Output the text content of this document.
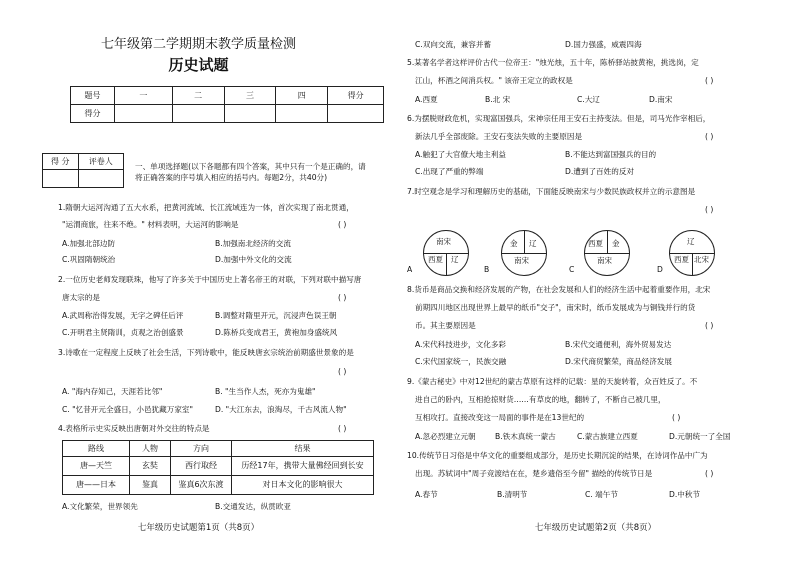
七年级第二学期期末教学质量检测
历史试题
题号	一	二	三	四	得分
得分					
得 分	评卷人

一、单项选择题(以下各题都有四个答案，其中只有一个是正确的，请
将正确答案的序号填入相应的括号内。每题2分，共40分)
1.隋朝大运河沟通了五大水系，把黄河流域、长江流域连为一体，首次实现了南北贯通，
"运渭商旅，往来不绝。" 材料表明，大运河的影响是	( )
A.加强北部边防	B.加强南北经济的交流
C.巩固隋朝统治	D.加强中外文化的交流
2.一位历史老师发现联珠，他写了许多关于中国历史上著名帝王的对联，下列对联中描写唐
唐太宗的是	( )
A.武周称治得发展，无字之碑任后评	B.调整对隋里开元，沉浸声色误王朝
C.开明君主贤隋训，贞观之治创盛景	D.陈桥兵变成君王，黄袍加身盛统风
3.诗歌在一定程度上反映了社会生活，下列诗歌中，能反映唐玄宗统治前期盛世景象的是
( )
A. "海内存知己，天涯若比邻"	B. "生当作人杰，死亦为鬼雄"
C. "忆昔开元全盛日，小邑犹藏万家室"	D. "大江东去，浪淘尽，千古风流人物"
4.表格所示史实反映出唐朝对外交往的特点是	( )
路线	人物	方向	结果
唐—天竺	玄奘	西行取经	历经17年，携带大量佛经回到长安
唐——日本	鉴真	鉴真6次东渡	对日本文化的影响很大
A.文化繁荣，世界领先	B.交通发达，纵贯欧亚
七年级历史试题第1页（共8页）
C.双向交流，兼容并蓄	D.国力强盛，威震四海
5.某著名学者这样评价古代一位帝王："烛光烛，五十年，陈桥驿站披黄袍，挑选岗，定
江山，杯酒之间消兵权。" 该帝王定立的政权是	( )
A.西夏	B.北 宋	C.大辽	D.南宋
6.为摆脱财政危机，实现富国强兵，宋神宗任用王安石主持变法。但是，司马光作宰相后，
新法几乎全部废除。王安石变法失败的主要原因是	( )
A.触犯了大官僚大地主利益	B.不能达到富国强兵的目的
C.出现了严重的弊端	D.遭到了百姓的反对
7.时空观念是学习和理解历史的基础，下面能反映南宋与少数民族政权并立的示意图是
( )
A
南宋
西夏 辽
B
金 辽
南宋
C
西夏 金
南宋
D
辽
西夏 北宋
8.货币是商品交换和经济发展的产物，在社会发展和人们的经济生活中起着重要作用，北宋
前期四川地区出现世界上最早的纸币"交子"，南宋时，纸币发展成为与铜钱并行的货
币。其主要原因是	( )
A.宋代科技进步，文化多彩	B.宋代交通便利，海外贸易发达
C.宋代国家统一，民族交融	D.宋代商贸繁荣，商品经济发展
9.《蒙古秘史》中对12世纪的蒙古草原有这样的记载：星的天旋转着，众百姓反了。不
进自己的卧内，互相抢掠财货……有草皮的地，翻转了，不断自己被几里，
互相攻打。直接改变这一局面的事件是在13世纪的	( )
A.忽必烈建立元朝	B.铁木真统一蒙古	C.蒙古族建立西夏	D.元朝统一了全国
10.传统节日习俗是中华文化的重要组成部分，是历史长期沉淀的结果，在诗词作品中广为
出现。苏轼词中"周子竞渡结在在，楚乡遗俗至今留" 描绘的传统节日是	( )
A.春节	B.清明节	C. 端午节	D.中秋节
七年级历史试题第2页（共8页）
